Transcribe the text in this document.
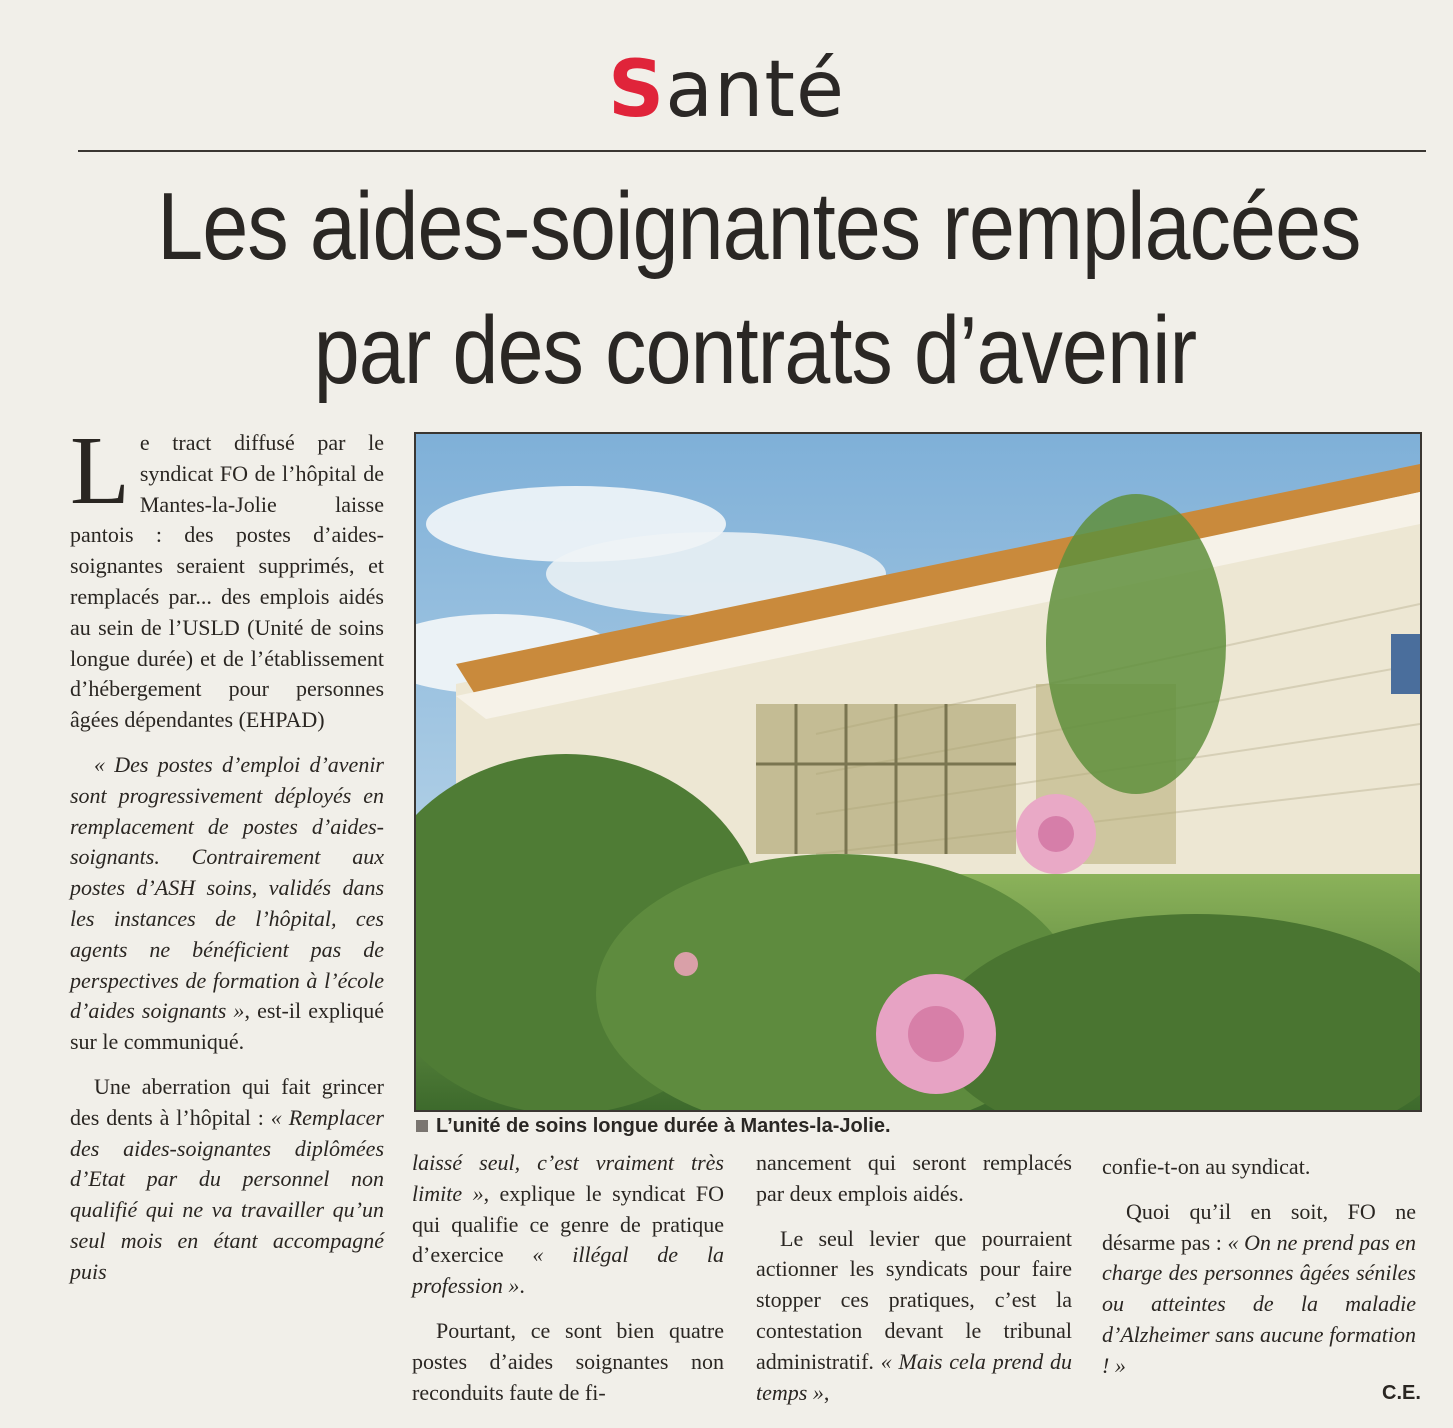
Santé
Les aides-soignantes remplacées
par des contrats d’avenir

Le tract diffusé par le syndicat FO de l’hôpital de Mantes-la-Jolie laisse pantois : des postes d’aides-soignantes seraient supprimés, et remplacés par... des emplois aidés au sein de l’USLD (Unité de soins longue durée) et de l’établissement d’hébergement pour personnes âgées dépendantes (EHPAD)

« Des postes d’emploi d’avenir sont progressivement déployés en remplacement de postes d’aides-soignants. Contrairement aux postes d’ASH soins, validés dans les instances de l’hôpital, ces agents ne bénéficient pas de perspectives de formation à l’école d’aides soignants », est-il expliqué sur le communiqué.

Une aberration qui fait grincer des dents à l’hôpital : « Remplacer des aides-soignantes diplômées d’Etat par du personnel non qualifié qui ne va travailler qu’un seul mois en étant accompagné puis

L’unité de soins longue durée à Mantes-la-Jolie.

laissé seul, c’est vraiment très limite », explique le syndicat FO qui qualifie ce genre de pratique d’exercice « illégal de la profession ».

Pourtant, ce sont bien quatre postes d’aides soignantes non reconduits faute de fi-

nancement qui seront remplacés par deux emplois aidés.

Le seul levier que pourraient actionner les syndicats pour faire stopper ces pratiques, c’est la contestation devant le tribunal administratif. « Mais cela prend du temps »,

confie-t-on au syndicat.

Quoi qu’il en soit, FO ne désarme pas : « On ne prend pas en charge des personnes âgées séniles ou atteintes de la maladie d’Alzheimer sans aucune formation ! »

C.E.
